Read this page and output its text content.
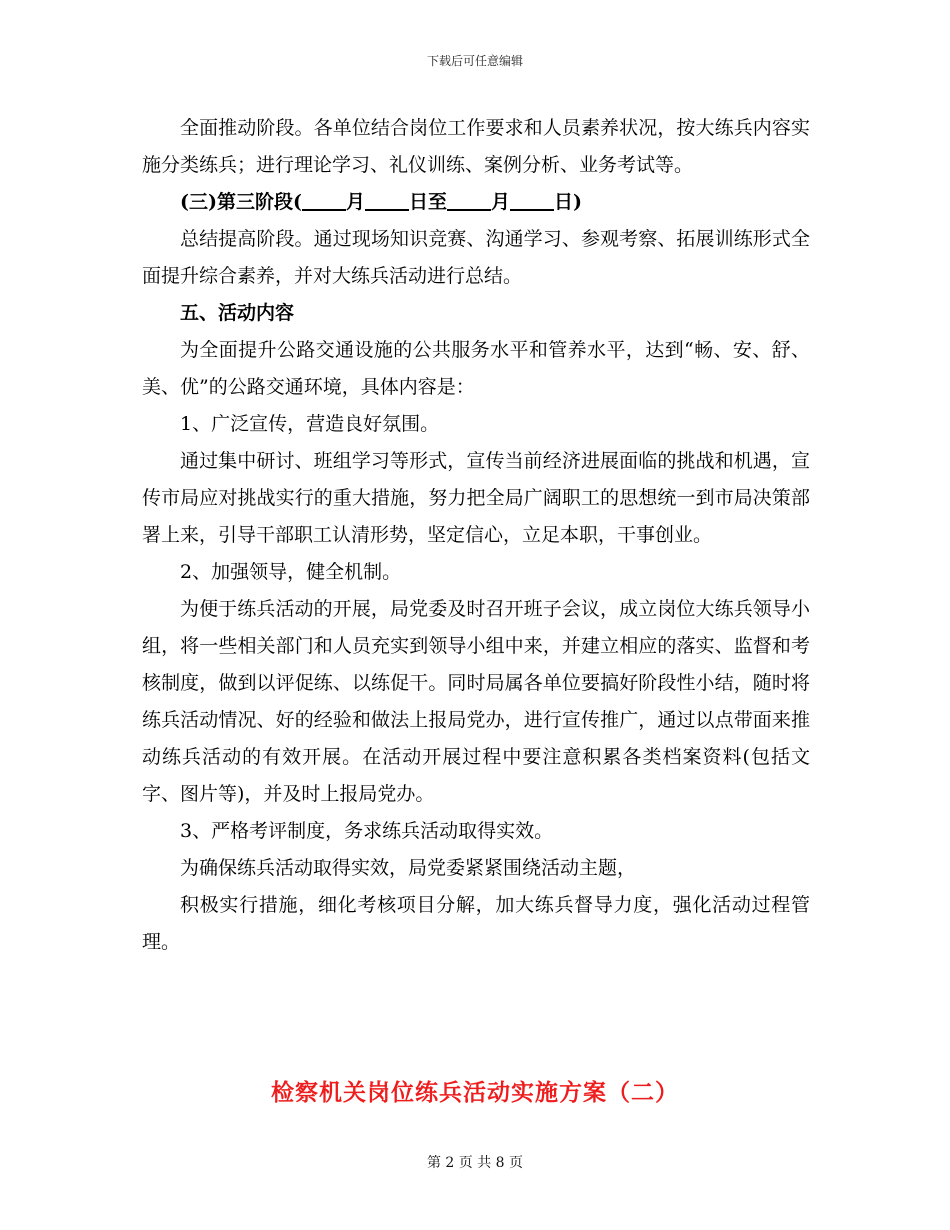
下载后可任意编辑

全面推动阶段。各单位结合岗位工作要求和人员素养状况，按大练兵内容实施分类练兵；进行理论学习、礼仪训练、案例分析、业务考试等。

(三)第三阶段( 月 日至 月 日)

总结提高阶段。通过现场知识竞赛、沟通学习、参观考察、拓展训练形式全面提升综合素养，并对大练兵活动进行总结。

五、活动内容

为全面提升公路交通设施的公共服务水平和管养水平，达到“畅、安、舒、美、优”的公路交通环境，具体内容是：

1、广泛宣传，营造良好氛围。

通过集中研讨、班组学习等形式，宣传当前经济进展面临的挑战和机遇，宣传市局应对挑战实行的重大措施，努力把全局广阔职工的思想统一到市局决策部署上来，引导干部职工认清形势，坚定信心，立足本职，干事创业。

2、加强领导，健全机制。

为便于练兵活动的开展，局党委及时召开班子会议，成立岗位大练兵领导小组，将一些相关部门和人员充实到领导小组中来，并建立相应的落实、监督和考核制度，做到以评促练、以练促干。同时局属各单位要搞好阶段性小结，随时将练兵活动情况、好的经验和做法上报局党办，进行宣传推广，通过以点带面来推动练兵活动的有效开展。在活动开展过程中要注意积累各类档案资料(包括文字、图片等)，并及时上报局党办。

3、严格考评制度，务求练兵活动取得实效。

为确保练兵活动取得实效，局党委紧紧围绕活动主题，

积极实行措施，细化考核项目分解，加大练兵督导力度，强化活动过程管理。

检察机关岗位练兵活动实施方案（二）
第 2 页 共 8 页
